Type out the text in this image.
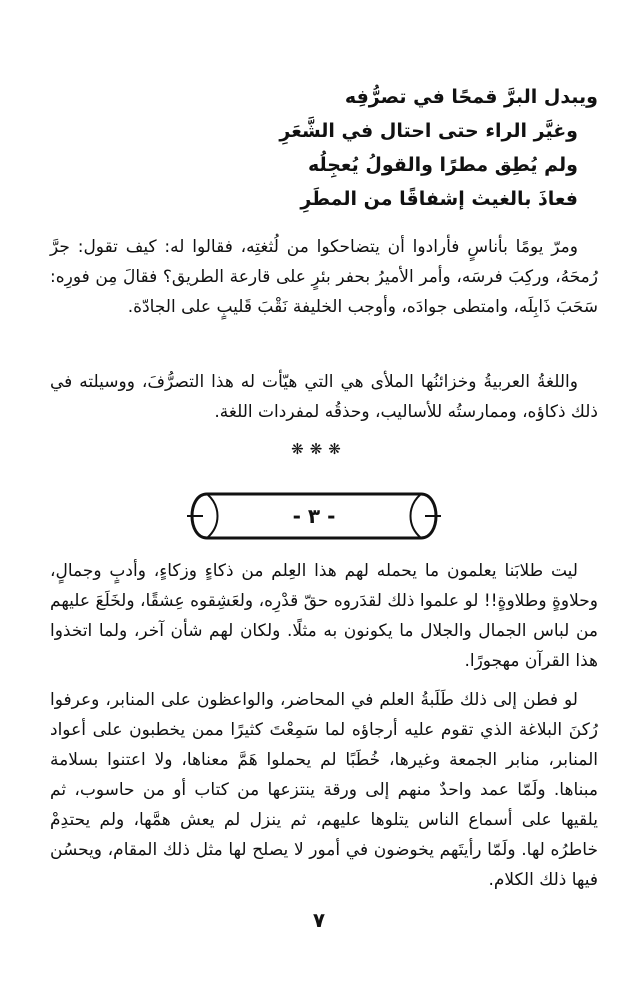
ويبدل البرَّ قمحًا في تصرُّفِه
وغيَّر الراء حتى احتال في الشَّعَرِ
ولم يُطِق مطرًا والقولُ يُعجِلُه
فعاذَ بالغيث إشفاقًا من المطَرِ

ومرّ يومًا بأناسٍ فأرادوا أن يتضاحكوا من لُثغتِه، فقالوا له: كيف تقول: جرَّ رُمحَهُ، وركِبَ فرسَه، وأمر الأميرُ بحفر بئرٍ على قارعة الطريق؟ فقالَ مِن فورِه: سَحَبَ ذَابِلَه، وامتطى جوادَه، وأوجب الخليفة نَقْبَ قَليبٍ على الجادّة.

واللغةُ العربيةُ وخزائنُها الملأى هي التي هيّأت له هذا التصرُّفَ، ووسيلته في ذلك ذكاؤه، وممارستُه للأساليب، وحذقُه لمفردات اللغة.

❋❋❋
- ٣ -

ليت طلابَنا يعلمون ما يحمله لهم هذا العِلم من ذكاءٍ وزكاءٍ، وأدبٍ وجمالٍ، وحلاوةٍ وطلاوةٍ!! لو علموا ذلك لقدَروه حقّ قدْرِه، ولعَشِقوه عِشقًا، ولخَلَعَ عليهم من لباس الجمال والجلال ما يكونون به مثلًا. ولكان لهم شأن آخر، ولما اتخذوا هذا القرآن مهجورًا.

لو فطن إلى ذلك طَلَبةُ العلم في المحاضر، والواعظون على المنابر، وعرفوا رُكنَ البلاغة الذي تقوم عليه أرجاؤه لما سَمِعْتَ كثيرًا ممن يخطبون على أعواد المنابر، منابر الجمعة وغيرها، خُطَبًا لم يحملوا هَمَّ معناها، ولا اعتنوا بسلامة مبناها. ولَمّا عمد واحدٌ منهم إلى ورقة ينتزعها من كتاب أو من حاسوب، ثم يلقيها على أسماع الناس يتلوها عليهم، ثم ينزل لم يعش همَّها، ولم يحتدِمْ خاطرُه لها. ولَمّا رأيتَهم يخوضون في أمور لا يصلح لها مثل ذلك المقام، ويحسُن فيها ذلك الكلام.

٧
